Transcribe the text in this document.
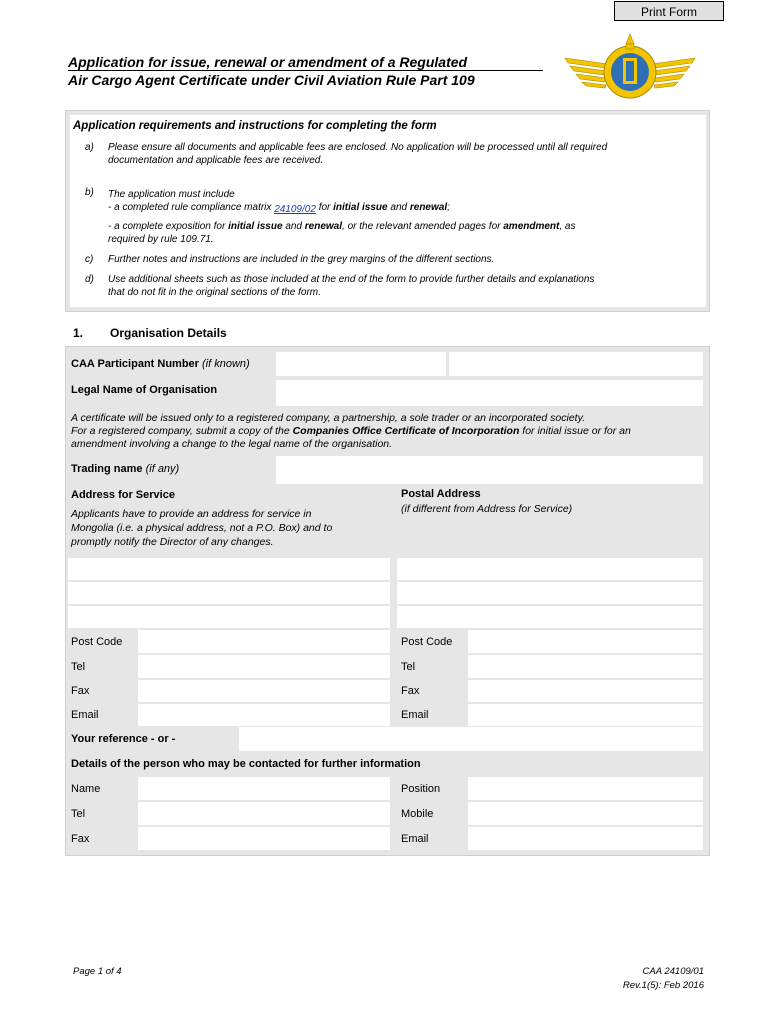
Print Form
Application for issue, renewal or amendment of a Regulated
Air Cargo Agent Certificate under Civil Aviation Rule Part 109
Application requirements and instructions for completing the form
a) Please ensure all documents and applicable fees are enclosed. No application will be processed until all required
documentation and applicable fees are received.
b) The application must include
- a completed rule compliance matrix 24109/02 for initial issue and renewal;
- a complete exposition for initial issue and renewal, or the relevant amended pages for amendment, as
required by rule 109.71.
c) Further notes and instructions are included in the grey margins of the different sections.
d) Use additional sheets such as those included at the end of the form to provide further details and explanations
that do not fit in the original sections of the form.
1. Organisation Details
CAA Participant Number (if known)
Legal Name of Organisation
A certificate will be issued only to a registered company, a partnership, a sole trader or an incorporated society.
For a registered company, submit a copy of the Companies Office Certificate of Incorporation for initial issue or for an
amendment involving a change to the legal name of the organisation.
Trading name (if any)
Address for Service
Applicants have to provide an address for service in
Mongolia (i.e. a physical address, not a P.O. Box) and to
promptly notify the Director of any changes.
Postal Address
(if different from Address for Service)
Post Code
Tel
Fax
Email
Post Code
Tel
Fax
Email
Your reference - or -
Details of the person who may be contacted for further information
Name
Tel
Fax
Position
Mobile
Email
Page 1 of 4	CAA 24109/01
Rev.1(5): Feb 2016
